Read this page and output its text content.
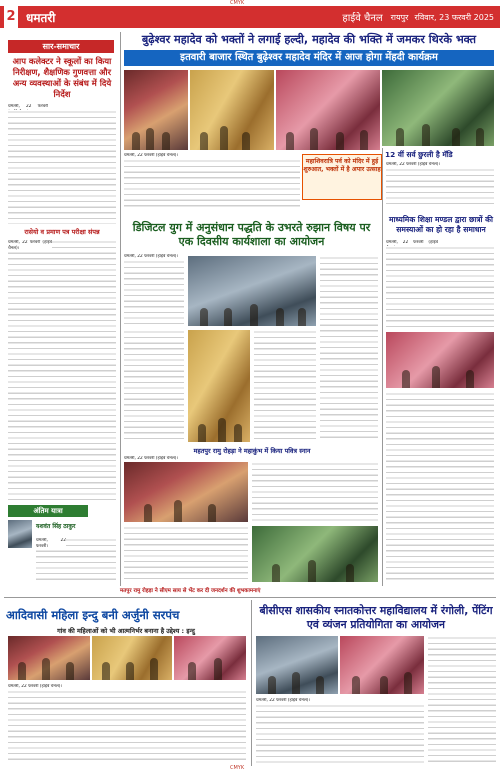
CMYK
2 धमतरी	हाईवे चैनल रायपुर रविवार, 23 फरवरी 2025
सार-समाचार
आप कलेक्टर ने स्कूलों का किया निरीक्षण, शैक्षणिक गुणवत्ता और अन्य व्यवस्थाओं के संबंध में दिये निर्देश
धमतरी, 22 फरवरी
रासेयो व प्रमाण पत्र परीक्षा संपन्न
धमतरी, 22 फरवरी (हाईवे चैनल)।
अंतिम यात्रा
यशवंत सिंह ठाकुर
धमतरी, 22 फरवरी।
बुढ़ेश्वर महादेव को भक्तों ने लगाई हल्दी, महादेव की भक्ति में जमकर थिरके भक्त
इतवारी बाजार स्थित बुढ़ेश्वर महादेव मंदिर में आज होगा मेंहदी कार्यक्रम
धमतरी, 22 फरवरी (हाईवे चैनल)।
महाशिवरात्रि पर्व को मंदिर में हुई शुरुआत, भक्तों में है अपार उत्साह
12 वीं सर्व छुरली है मॅडि
धमतरी, 22 फरवरी (हाईवे चैनल)।
डिजिटल युग में अनुसंधान पद्धति के उभरते रुझान विषय पर एक दिवसीय कार्यशाला का आयोजन
धमतरी, 22 फरवरी (हाईवे चैनल)।
माध्यमिक शिक्षा मण्डल द्वारा छात्रों की समस्याओं का हो रहा है समाधान
धमतरी, 22 फरवरी (हाईवे
महतपुर रामु रोहड़ा ने महाकुंभ में किया पवित्र स्नान
धमतरी, 22 फरवरी (हाईवे चैनल)।
मतपुर रामु रोहड़ा ने सीएम साय से भेंट कर दी जनदर्शन की शुभकामनाएं
आदिवासी महिला इन्दु बनी अर्जुनी सरपंच
गांव की महिलाओं को भी आत्मनिर्भर बनाना है उद्देश्य : इन्दु
धमतरी, 22 फरवरी (हाईवे चैनल)।
बीसीएस शासकीय स्नातकोत्तर महाविद्यालय में रंगोली, पेंटिंग एवं व्यंजन प्रतियोगिता का आयोजन
धमतरी, 22 फरवरी (हाईवे चैनल)।
CMYK
